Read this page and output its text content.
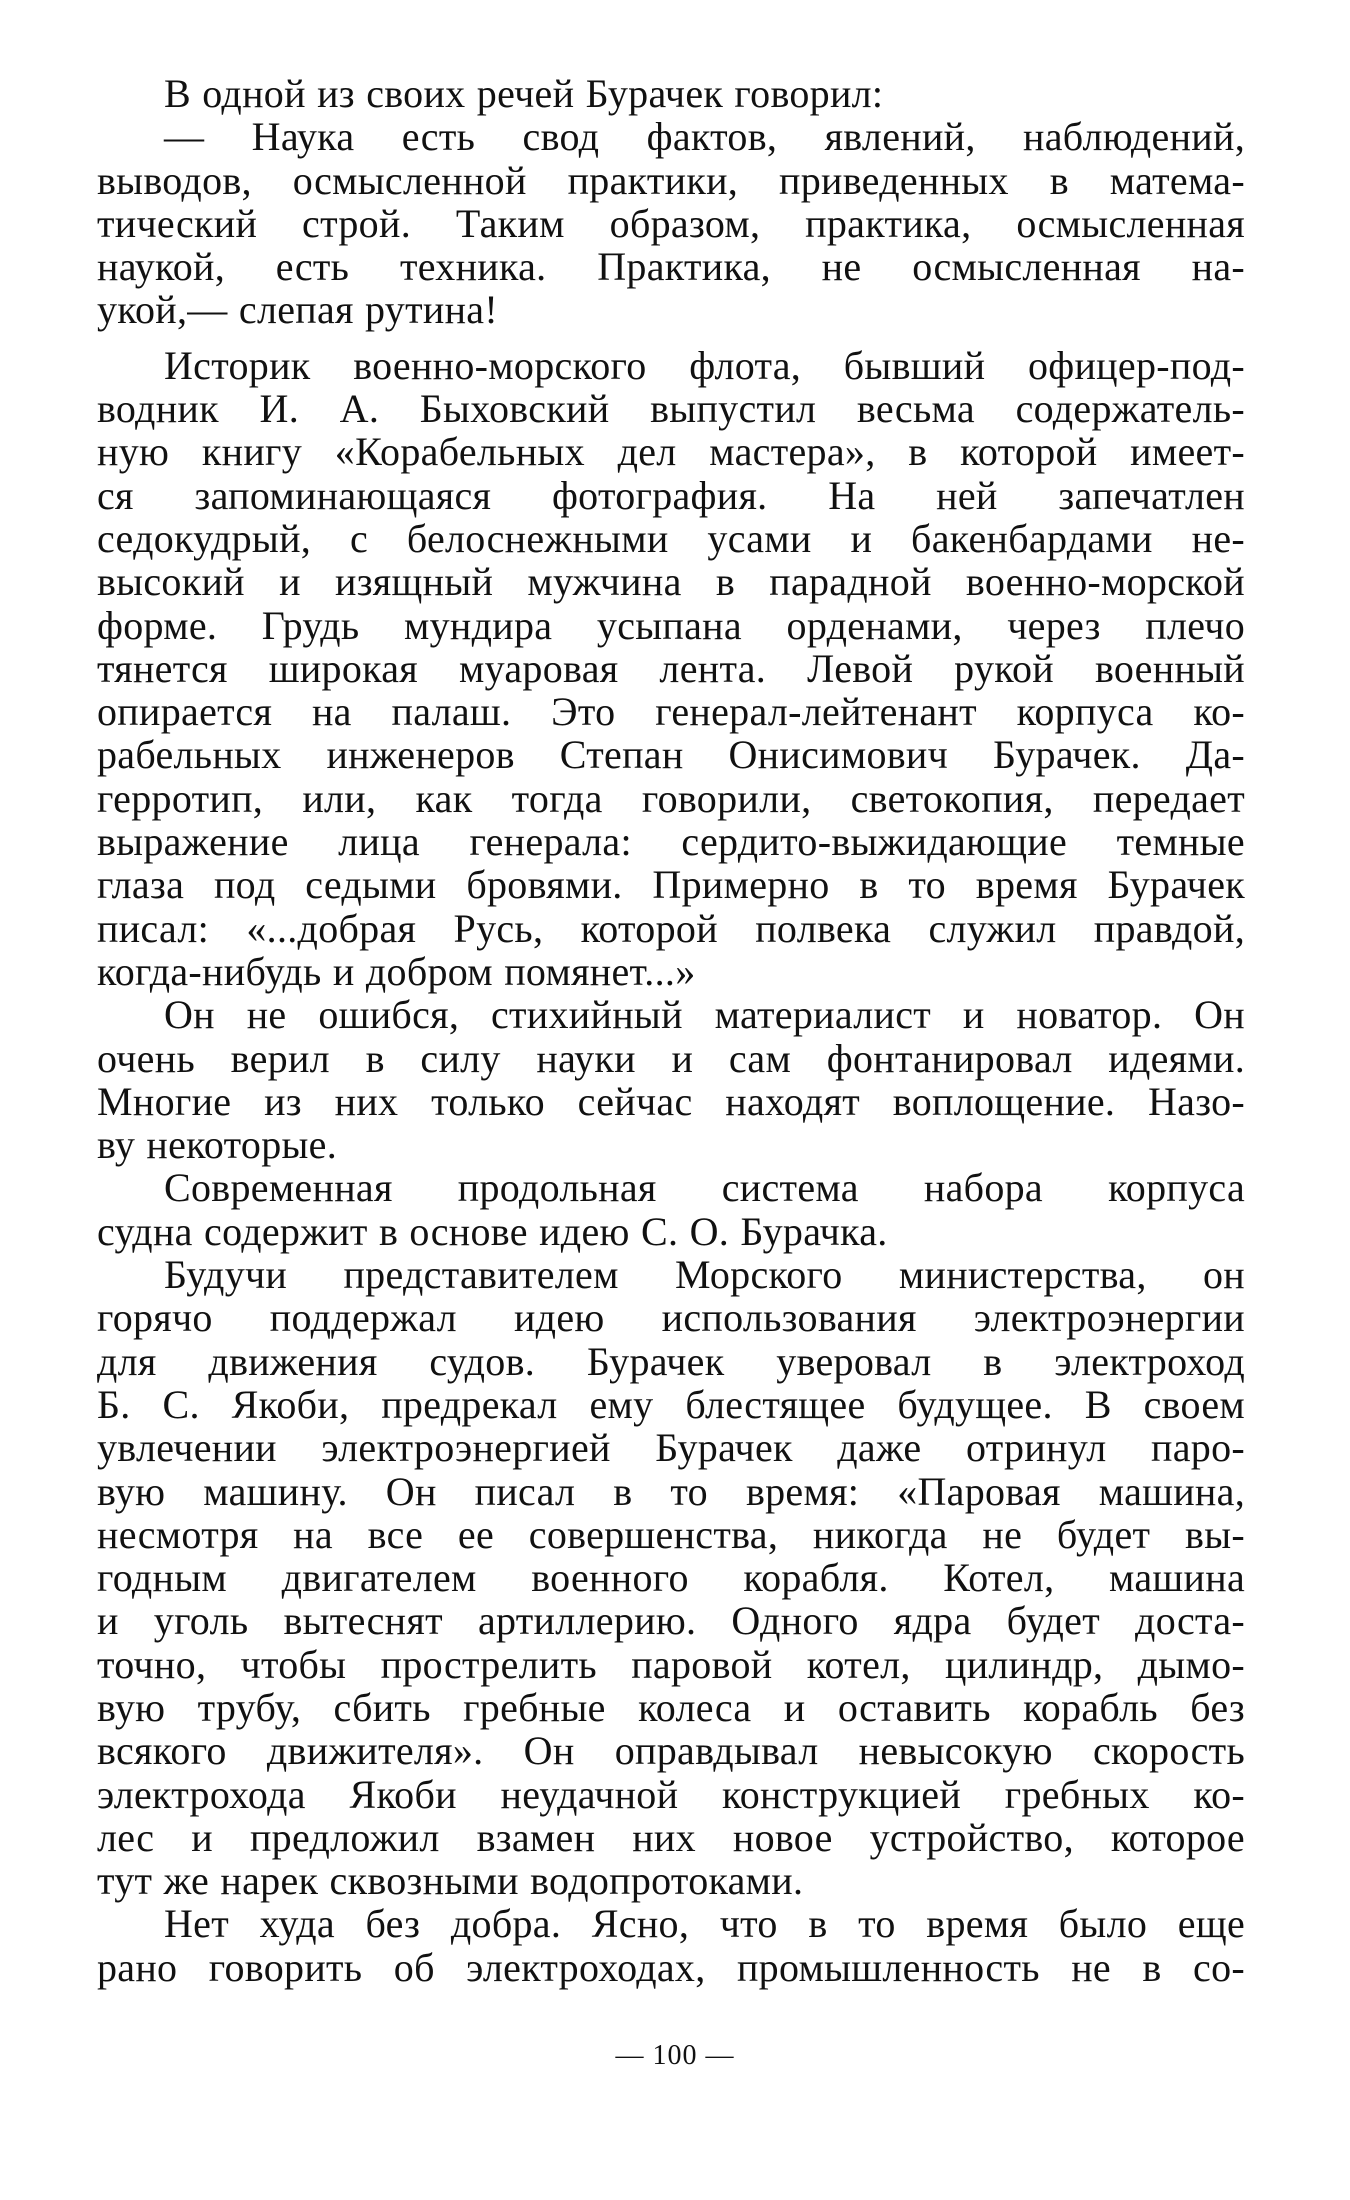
В одной из своих речей Бурачек говорил:
— Наука есть свод фактов, явлений, наблюдений,
выводов, осмысленной практики, приведенных в матема-
тический строй. Таким образом, практика, осмысленная
наукой, есть техника. Практика, не осмысленная на-
укой,— слепая рутина!
Историк военно-морского флота, бывший офицер-под-
водник И. А. Быховский выпустил весьма содержатель-
ную книгу «Корабельных дел мастера», в которой имеет-
ся запоминающаяся фотография. На ней запечатлен
седокудрый, с белоснежными усами и бакенбардами не-
высокий и изящный мужчина в парадной военно-морской
форме. Грудь мундира усыпана орденами, через плечо
тянется широкая муаровая лента. Левой рукой военный
опирается на палаш. Это генерал-лейтенант корпуса ко-
рабельных инженеров Степан Онисимович Бурачек. Да-
герротип, или, как тогда говорили, светокопия, передает
выражение лица генерала: сердито-выжидающие темные
глаза под седыми бровями. Примерно в то время Бурачек
писал: «...добрая Русь, которой полвека служил правдой,
когда-нибудь и добром помянет...»
Он не ошибся, стихийный материалист и новатор. Он
очень верил в силу науки и сам фонтанировал идеями.
Многие из них только сейчас находят воплощение. Назо-
ву некоторые.
Современная продольная система набора корпуса
судна содержит в основе идею С. О. Бурачка.
Будучи представителем Морского министерства, он
горячо поддержал идею использования электроэнергии
для движения судов. Бурачек уверовал в электроход
Б. С. Якоби, предрекал ему блестящее будущее. В своем
увлечении электроэнергией Бурачек даже отринул паро-
вую машину. Он писал в то время: «Паровая машина,
несмотря на все ее совершенства, никогда не будет вы-
годным двигателем военного корабля. Котел, машина
и уголь вытеснят артиллерию. Одного ядра будет доста-
точно, чтобы прострелить паровой котел, цилиндр, дымо-
вую трубу, сбить гребные колеса и оставить корабль без
всякого движителя». Он оправдывал невысокую скорость
электрохода Якоби неудачной конструкцией гребных ко-
лес и предложил взамен них новое устройство, которое
тут же нарек сквозными водопротоками.
Нет худа без добра. Ясно, что в то время было еще
рано говорить об электроходах, промышленность не в со-
— 100 —
